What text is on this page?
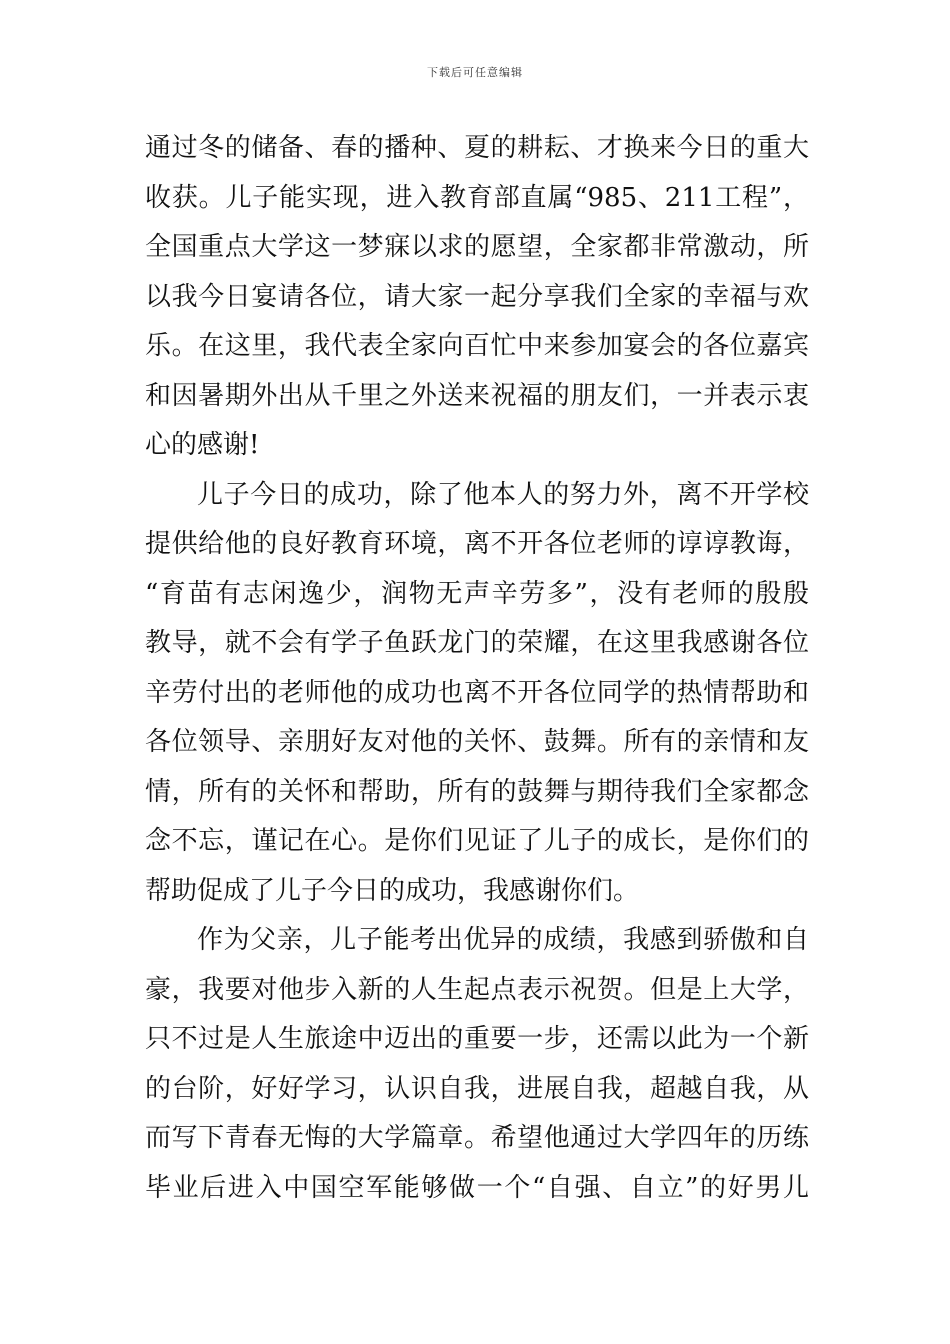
下载后可任意编辑
通过冬的储备、春的播种、夏的耕耘、才换来今日的重大
收获。儿子能实现，进入教育部直属“985、211工程”，
全国重点大学这一梦寐以求的愿望，全家都非常激动，所
以我今日宴请各位，请大家一起分享我们全家的幸福与欢
乐。在这里，我代表全家向百忙中来参加宴会的各位嘉宾
和因暑期外出从千里之外送来祝福的朋友们，一并表示衷
心的感谢!
儿子今日的成功，除了他本人的努力外，离不开学校
提供给他的良好教育环境，离不开各位老师的谆谆教诲，
“育苗有志闲逸少，润物无声辛劳多”，没有老师的殷殷
教导，就不会有学子鱼跃龙门的荣耀，在这里我感谢各位
辛劳付出的老师他的成功也离不开各位同学的热情帮助和
各位领导、亲朋好友对他的关怀、鼓舞。所有的亲情和友
情，所有的关怀和帮助，所有的鼓舞与期待我们全家都念
念不忘，谨记在心。是你们见证了儿子的成长，是你们的
帮助促成了儿子今日的成功，我感谢你们。
作为父亲，儿子能考出优异的成绩，我感到骄傲和自
豪，我要对他步入新的人生起点表示祝贺。但是上大学，
只不过是人生旅途中迈出的重要一步，还需以此为一个新
的台阶，好好学习，认识自我，进展自我，超越自我，从
而写下青春无悔的大学篇章。希望他通过大学四年的历练
毕业后进入中国空军能够做一个“自强、自立”的好男儿
